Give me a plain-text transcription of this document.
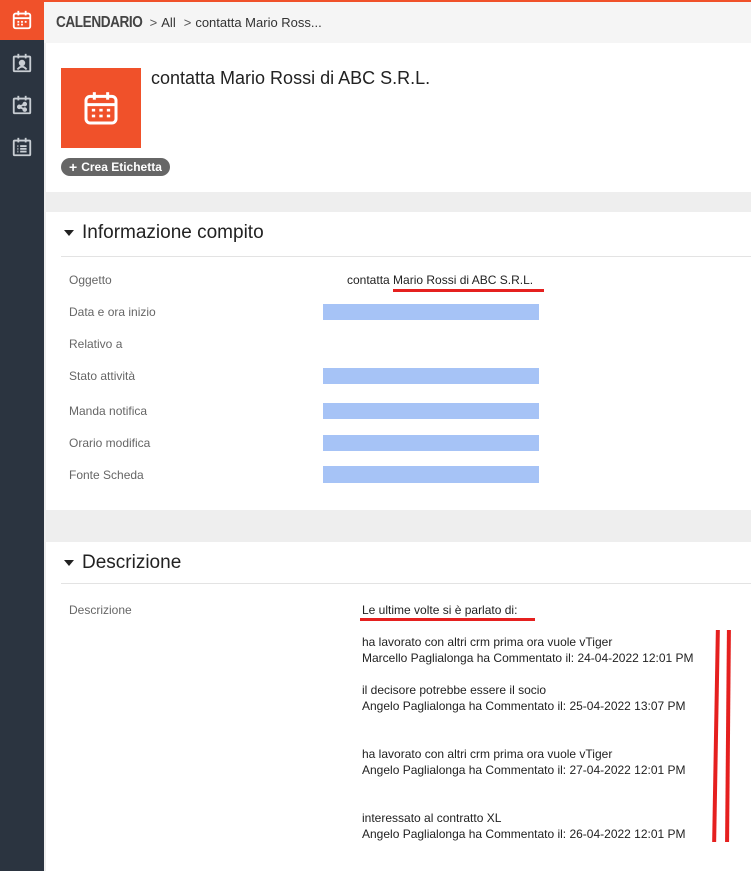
CALENDARIO > All > contatta Mario Ross...
contatta Mario Rossi di ABC S.R.L.
+ Crea Etichetta
Informazione compito
Oggetto	contatta Mario Rossi di ABC S.R.L.
Data e ora inizio
Relativo a
Stato attività
Manda notifica
Orario modifica
Fonte Scheda
Descrizione
Descrizione	Le ultime volte si è parlato di:
ha lavorato con altri crm prima ora vuole vTiger
Marcello Paglialonga ha Commentato il: 24-04-2022 12:01 PM
il decisore potrebbe essere il socio
Angelo Paglialonga ha Commentato il: 25-04-2022 13:07 PM
ha lavorato con altri crm prima ora vuole vTiger
Angelo Paglialonga ha Commentato il: 27-04-2022 12:01 PM
interessato al contratto XL
Angelo Paglialonga ha Commentato il: 26-04-2022 12:01 PM
